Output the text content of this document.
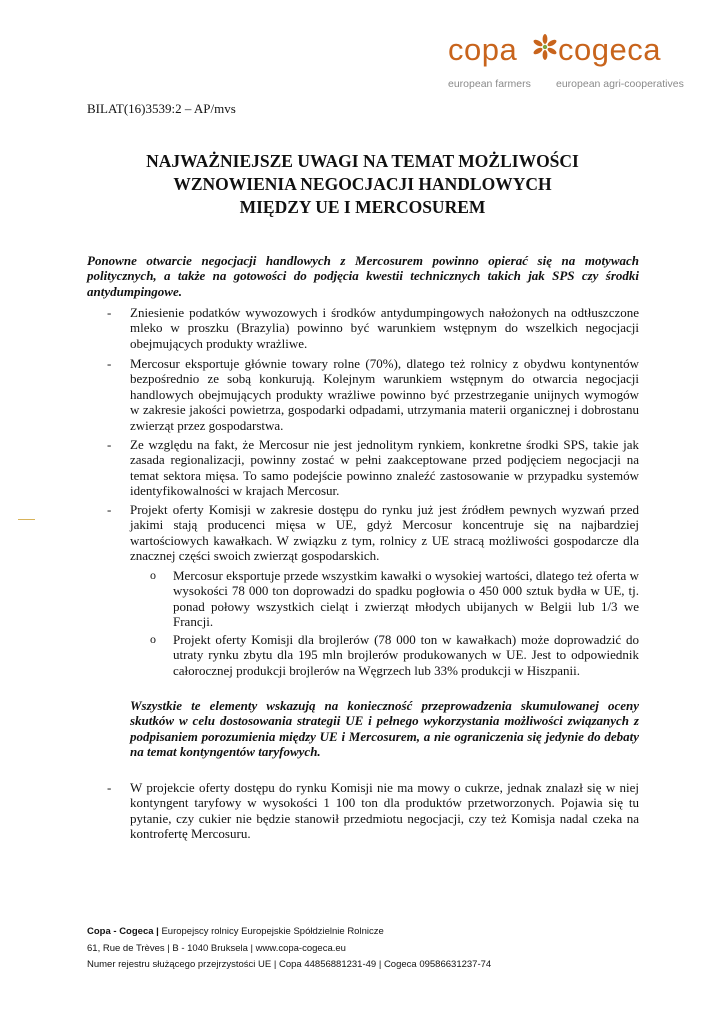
copa cogeca
european farmers european agri-cooperatives
BILAT(16)3539:2 – AP/mvs
NAJWAŻNIEJSZE UWAGI NA TEMAT MOŻLIWOŚCI
WZNOWIENIA NEGOCJACJI HANDLOWYCH
MIĘDZY UE I MERCOSUREM
Ponowne otwarcie negocjacji handlowych z Mercosurem powinno opierać się na motywach politycznych, a także na gotowości do podjęcia kwestii technicznych takich jak SPS czy środki antydumpingowe.
- Zniesienie podatków wywozowych i środków antydumpingowych nałożonych na odtłuszczone mleko w proszku (Brazylia) powinno być warunkiem wstępnym do wszelkich negocjacji obejmujących produkty wrażliwe.
- Mercosur eksportuje głównie towary rolne (70%), dlatego też rolnicy z obydwu kontynentów bezpośrednio ze sobą konkurują. Kolejnym warunkiem wstępnym do otwarcia negocjacji handlowych obejmujących produkty wrażliwe powinno być przestrzeganie unijnych wymogów w zakresie jakości powietrza, gospodarki odpadami, utrzymania materii organicznej i dobrostanu zwierząt przez gospodarstwa.
- Ze względu na fakt, że Mercosur nie jest jednolitym rynkiem, konkretne środki SPS, takie jak zasada regionalizacji, powinny zostać w pełni zaakceptowane przed podjęciem negocjacji na temat sektora mięsa. To samo podejście powinno znaleźć zastosowanie w przypadku systemów identyfikowalności w krajach Mercosur.
- Projekt oferty Komisji w zakresie dostępu do rynku już jest źródłem pewnych wyzwań przed jakimi stają producenci mięsa w UE, gdyż Mercosur koncentruje się na najbardziej wartościowych kawałkach. W związku z tym, rolnicy z UE stracą możliwości gospodarcze dla znacznej części swoich zwierząt gospodarskich.
o Mercosur eksportuje przede wszystkim kawałki o wysokiej wartości, dlatego też oferta w wysokości 78 000 ton doprowadzi do spadku pogłowia o 450 000 sztuk bydła w UE, tj. ponad połowy wszystkich cieląt i zwierząt młodych ubijanych w Belgii lub 1/3 we Francji.
o Projekt oferty Komisji dla brojlerów (78 000 ton w kawałkach) może doprowadzić do utraty rynku zbytu dla 195 mln brojlerów produkowanych w UE. Jest to odpowiednik całorocznej produkcji brojlerów na Węgrzech lub 33% produkcji w Hiszpanii.
Wszystkie te elementy wskazują na konieczność przeprowadzenia skumulowanej oceny skutków w celu dostosowania strategii UE i pełnego wykorzystania możliwości związanych z podpisaniem porozumienia między UE i Mercosurem, a nie ograniczenia się jedynie do debaty na temat kontyngentów taryfowych.
- W projekcie oferty dostępu do rynku Komisji nie ma mowy o cukrze, jednak znalazł się w niej kontyngent taryfowy w wysokości 1 100 ton dla produktów przetworzonych. Pojawia się tu pytanie, czy cukier nie będzie stanowił przedmiotu negocjacji, czy też Komisja nadal czeka na kontrofertę Mercosuru.
Copa - Cogeca | Europejscy rolnicy Europejskie Spółdzielnie Rolnicze
61, Rue de Trèves | B - 1040 Bruksela | www.copa-cogeca.eu
Numer rejestru służącego przejrzystości UE | Copa 44856881231-49 | Cogeca 09586631237-74
